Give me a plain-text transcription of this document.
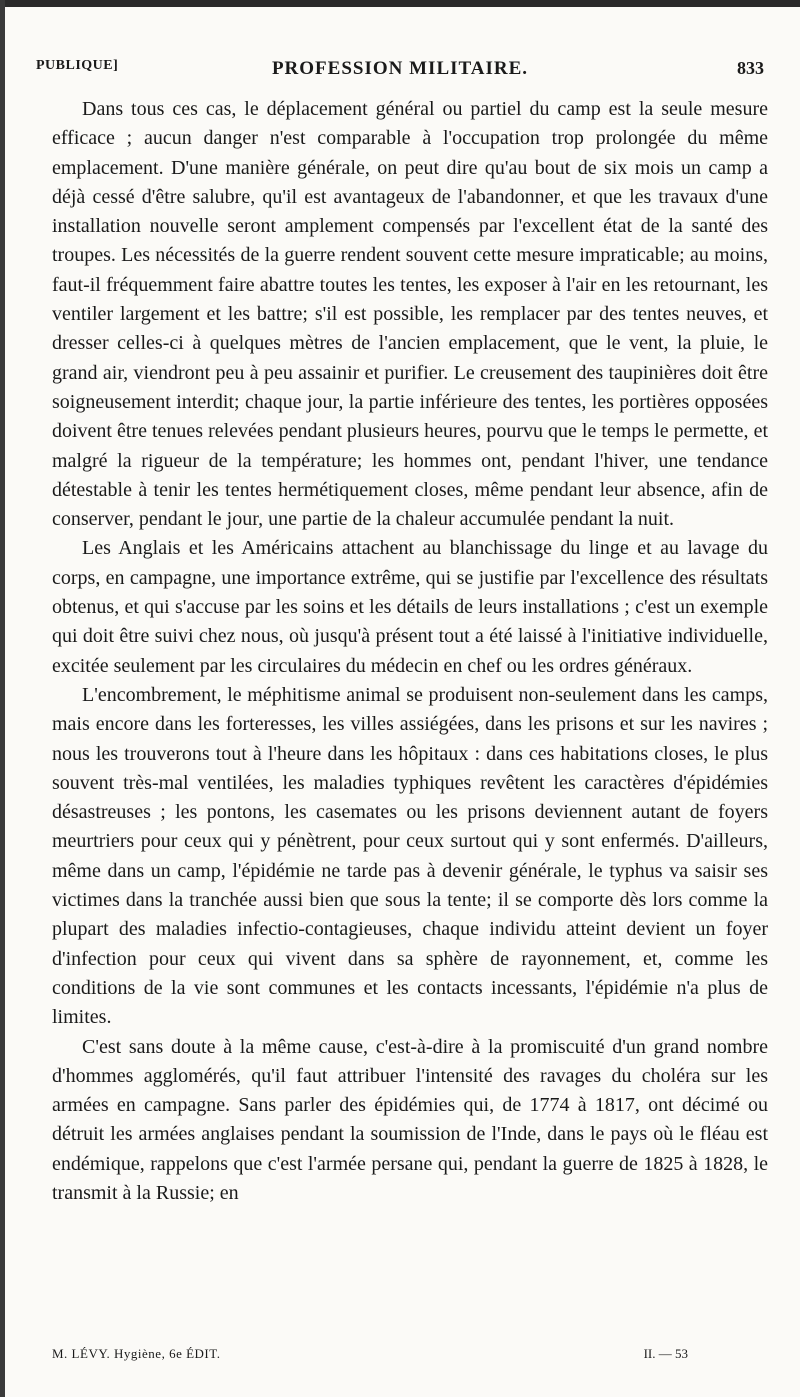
PUBLIQUE]	PROFESSION MILITAIRE.	833

Dans tous ces cas, le déplacement général ou partiel du camp est la seule mesure efficace ; aucun danger n'est comparable à l'occupation trop prolongée du même emplacement. D'une manière générale, on peut dire qu'au bout de six mois un camp a déjà cessé d'être salubre, qu'il est avantageux de l'abandonner, et que les travaux d'une installation nouvelle seront amplement compensés par l'excellent état de la santé des troupes. Les nécessités de la guerre rendent souvent cette mesure impraticable; au moins, faut-il fréquemment faire abattre toutes les tentes, les exposer à l'air en les retournant, les ventiler largement et les battre; s'il est possible, les remplacer par des tentes neuves, et dresser celles-ci à quelques mètres de l'ancien emplacement, que le vent, la pluie, le grand air, viendront peu à peu assainir et purifier. Le creusement des taupinières doit être soigneusement interdit; chaque jour, la partie inférieure des tentes, les portières opposées doivent être tenues relevées pendant plusieurs heures, pourvu que le temps le permette, et malgré la rigueur de la température; les hommes ont, pendant l'hiver, une tendance détestable à tenir les tentes hermétiquement closes, même pendant leur absence, afin de conserver, pendant le jour, une partie de la chaleur accumulée pendant la nuit.

Les Anglais et les Américains attachent au blanchissage du linge et au lavage du corps, en campagne, une importance extrême, qui se justifie par l'excellence des résultats obtenus, et qui s'accuse par les soins et les détails de leurs installations ; c'est un exemple qui doit être suivi chez nous, où jusqu'à présent tout a été laissé à l'initiative individuelle, excitée seulement par les circulaires du médecin en chef ou les ordres généraux.

L'encombrement, le méphitisme animal se produisent non-seulement dans les camps, mais encore dans les forteresses, les villes assiégées, dans les prisons et sur les navires ; nous les trouverons tout à l'heure dans les hôpitaux : dans ces habitations closes, le plus souvent très-mal ventilées, les maladies typhiques revêtent les caractères d'épidémies désastreuses ; les pontons, les casemates ou les prisons deviennent autant de foyers meurtriers pour ceux qui y pénètrent, pour ceux surtout qui y sont enfermés. D'ailleurs, même dans un camp, l'épidémie ne tarde pas à devenir générale, le typhus va saisir ses victimes dans la tranchée aussi bien que sous la tente; il se comporte dès lors comme la plupart des maladies infectio-contagieuses, chaque individu atteint devient un foyer d'infection pour ceux qui vivent dans sa sphère de rayonnement, et, comme les conditions de la vie sont communes et les contacts incessants, l'épidémie n'a plus de limites.

C'est sans doute à la même cause, c'est-à-dire à la promiscuité d'un grand nombre d'hommes agglomérés, qu'il faut attribuer l'intensité des ravages du choléra sur les armées en campagne. Sans parler des épidémies qui, de 1774 à 1817, ont décimé ou détruit les armées anglaises pendant la soumission de l'Inde, dans le pays où le fléau est endémique, rappelons que c'est l'armée persane qui, pendant la guerre de 1825 à 1828, le transmit à la Russie; en

M. LÉVY. Hygiène, 6e ÉDIT.	II. — 53
